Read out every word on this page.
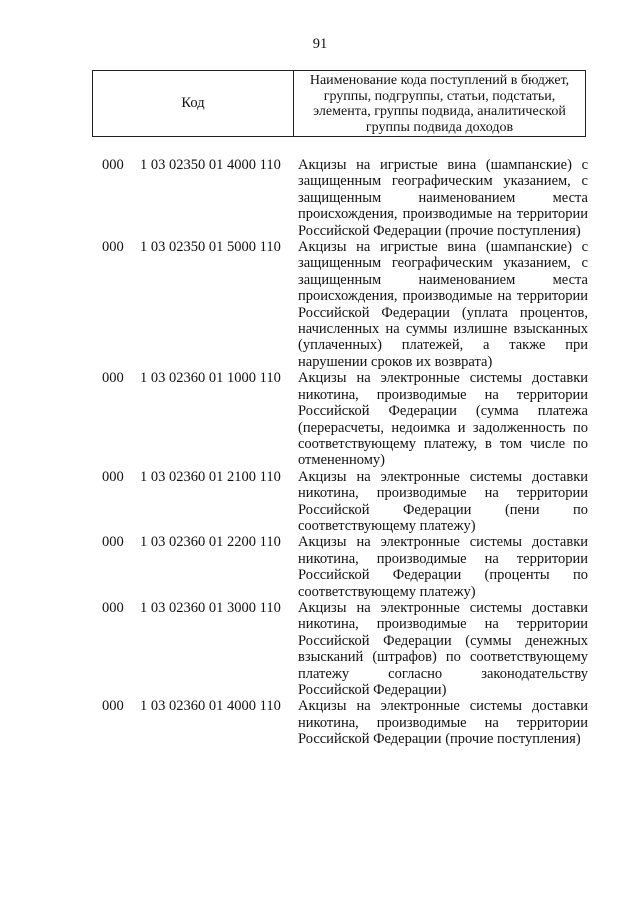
91
Код
Наименование кода поступлений в бюджет,
группы, подгруппы, статьи, подстатьи,
элемента, группы подвида, аналитической
группы подвида доходов
000 1 03 02350 01 4000 110 Акцизы на игристые вина (шампанские) с
защищенным географическим указанием, с
защищенным наименованием места
происхождения, производимые на территории
Российской Федерации (прочие поступления)
000 1 03 02350 01 5000 110 Акцизы на игристые вина (шампанские) с
защищенным географическим указанием, с
защищенным наименованием места
происхождения, производимые на территории
Российской Федерации (уплата процентов,
начисленных на суммы излишне взысканных
(уплаченных) платежей, а также при
нарушении сроков их возврата)
000 1 03 02360 01 1000 110 Акцизы на электронные системы доставки
никотина, производимые на территории
Российской Федерации (сумма платежа
(перерасчеты, недоимка и задолженность по
соответствующему платежу, в том числе по
отмененному)
000 1 03 02360 01 2100 110 Акцизы на электронные системы доставки
никотина, производимые на территории
Российской Федерации (пени по
соответствующему платежу)
000 1 03 02360 01 2200 110 Акцизы на электронные системы доставки
никотина, производимые на территории
Российской Федерации (проценты по
соответствующему платежу)
000 1 03 02360 01 3000 110 Акцизы на электронные системы доставки
никотина, производимые на территории
Российской Федерации (суммы денежных
взысканий (штрафов) по соответствующему
платежу согласно законодательству
Российской Федерации)
000 1 03 02360 01 4000 110 Акцизы на электронные системы доставки
никотина, производимые на территории
Российской Федерации (прочие поступления)
